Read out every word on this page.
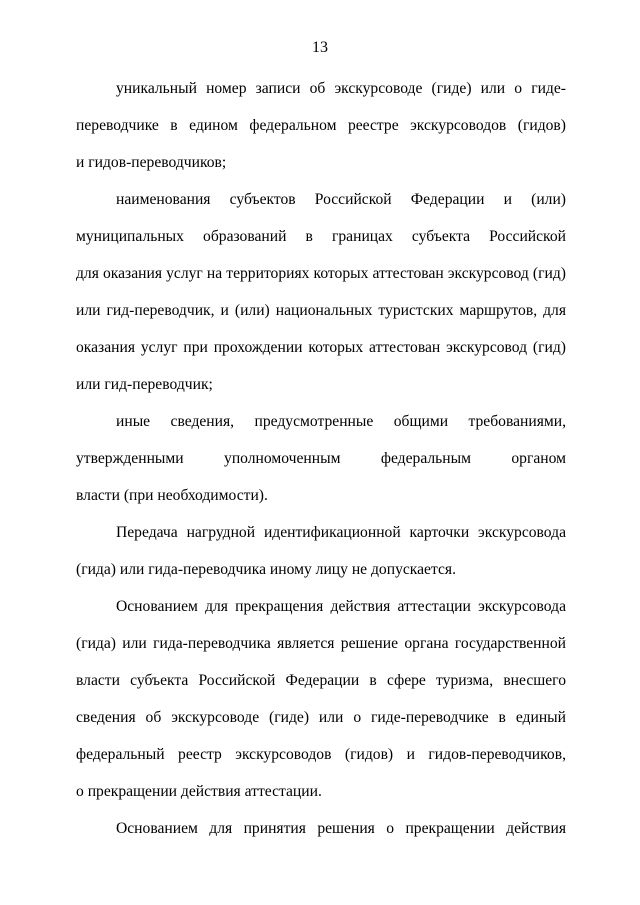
13
уникальный номер записи об экскурсоводе (гиде) или о гиде-
переводчике в едином федеральном реестре экскурсоводов (гидов)
и гидов-переводчиков;
наименования субъектов Российской Федерации и (или)
муниципальных образований в границах субъекта Российской
для оказания услуг на территориях которых аттестован экскурсовод (гид)
или гид-переводчик, и (или) национальных туристских маршрутов, для
оказания услуг при прохождении которых аттестован экскурсовод (гид)
или гид-переводчик;
иные сведения, предусмотренные общими требованиями,
утвержденными уполномоченным федеральным органом
власти (при необходимости).
Передача нагрудной идентификационной карточки экскурсовода
(гида) или гида-переводчика иному лицу не допускается.
Основанием для прекращения действия аттестации экскурсовода
(гида) или гида-переводчика является решение органа государственной
власти субъекта Российской Федерации в сфере туризма, внесшего
сведения об экскурсоводе (гиде) или о гиде-переводчике в единый
федеральный реестр экскурсоводов (гидов) и гидов-переводчиков,
о прекращении действия аттестации.
Основанием для принятия решения о прекращении действия
